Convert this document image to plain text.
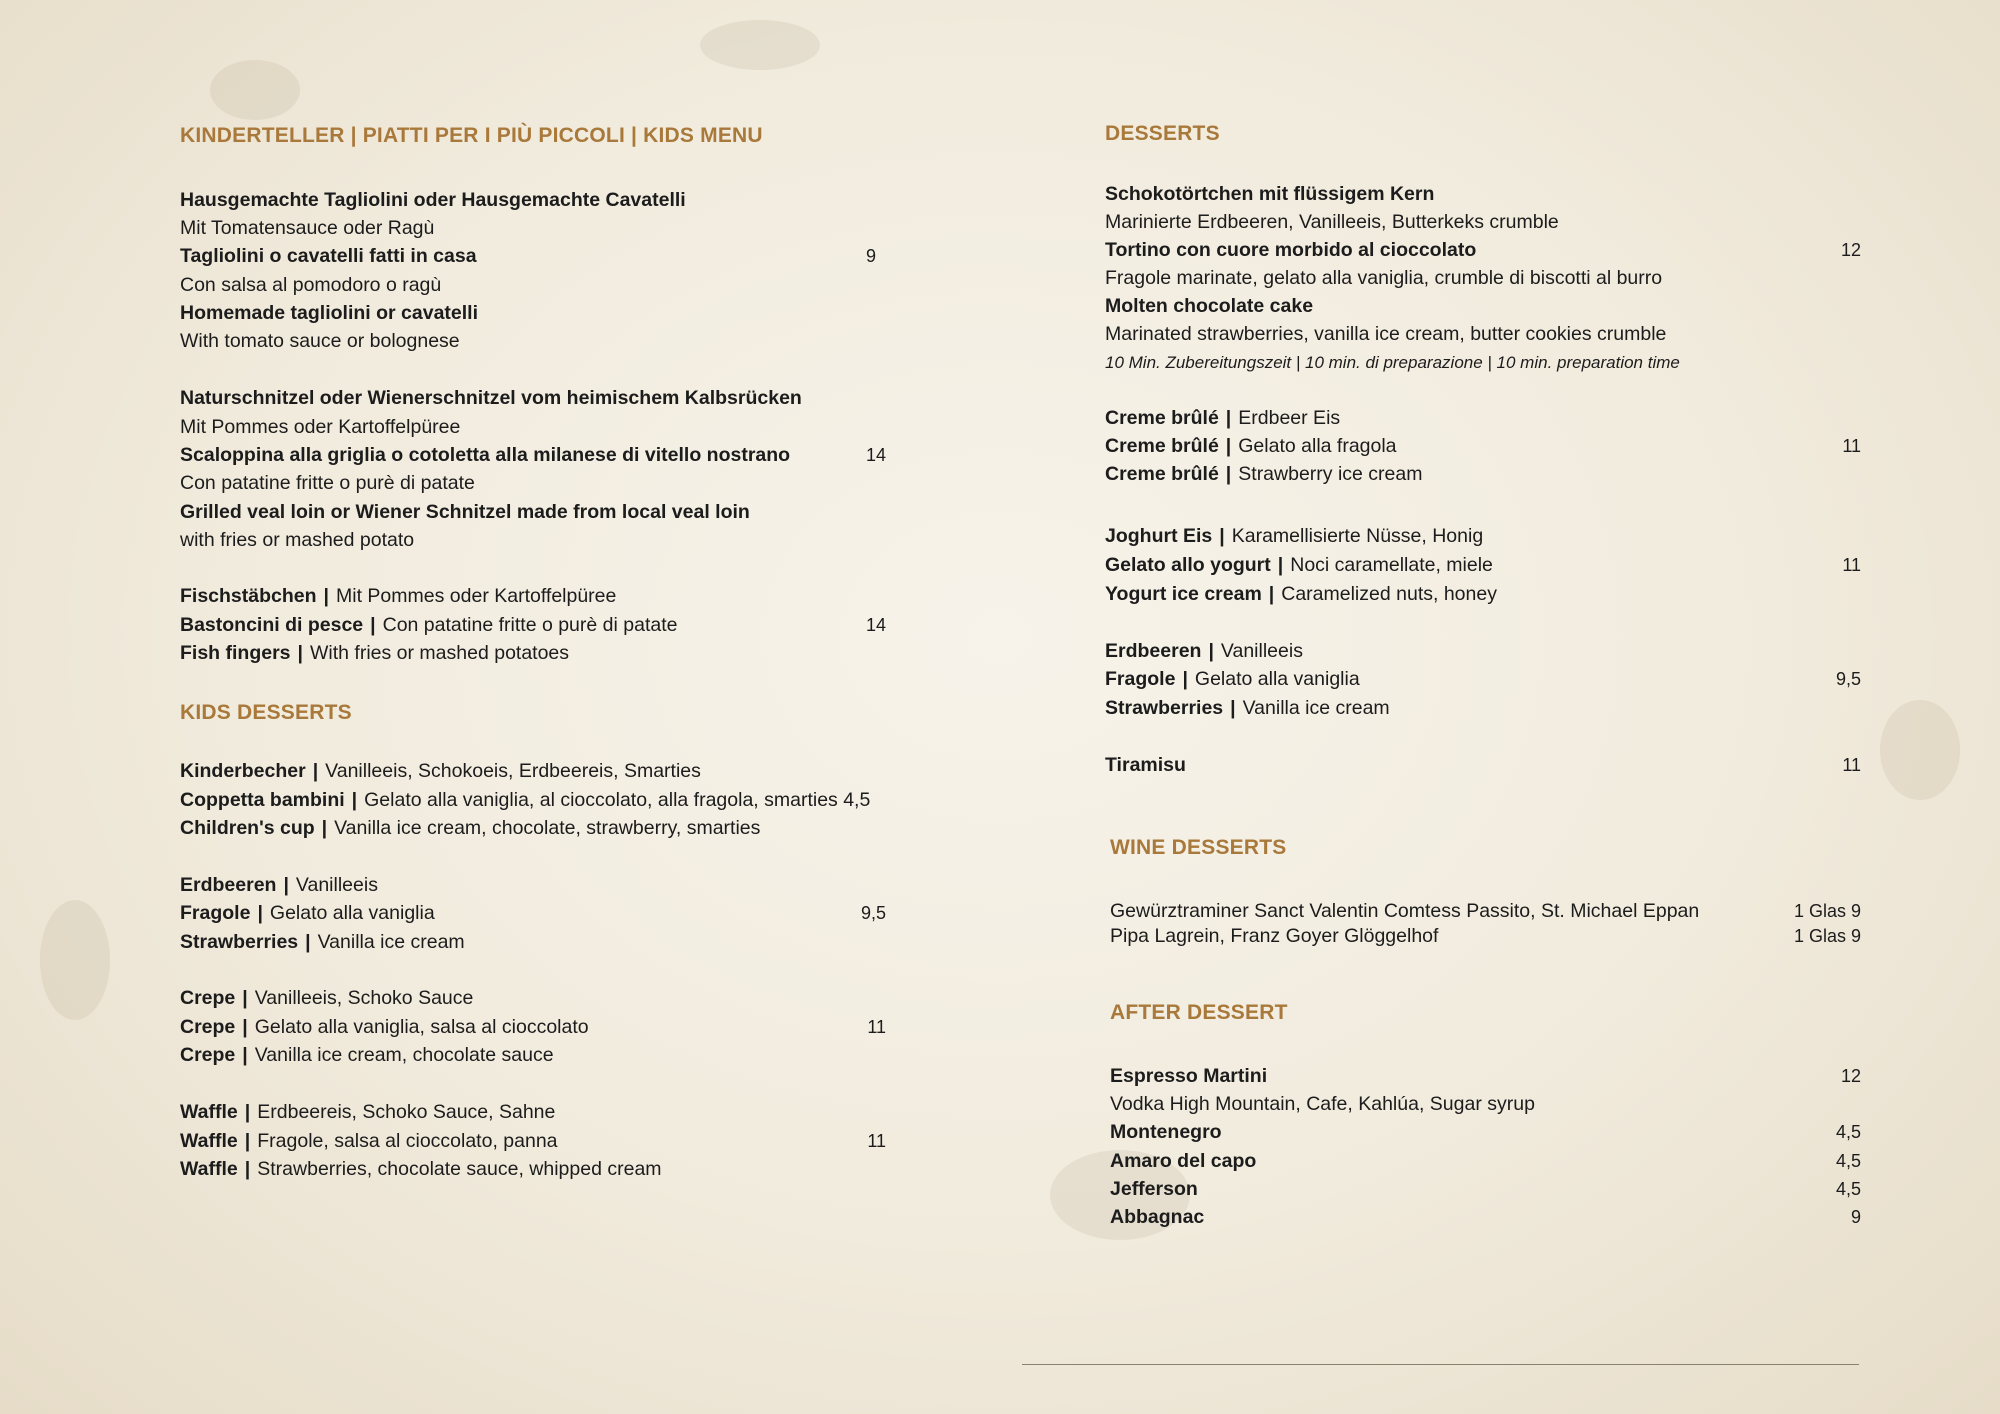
KINDERTELLER | PIATTI PER I PIÙ PICCOLI | KIDS MENU
Hausgemachte Tagliolini oder Hausgemachte Cavatelli
Mit Tomatensauce oder Ragù
Tagliolini o cavatelli fatti in casa	9
Con salsa al pomodoro o ragù
Homemade tagliolini or cavatelli
With tomato sauce or bolognese
Naturschnitzel oder Wienerschnitzel vom heimischem Kalbsrücken
Mit Pommes oder Kartoffelpüree
Scaloppina alla griglia o cotoletta alla milanese di vitello nostrano	14
Con patatine fritte o purè di patate
Grilled veal loin or Wiener Schnitzel made from local veal loin
with fries or mashed potato
Fischstäbchen | Mit Pommes oder Kartoffelpüree
Bastoncini di pesce | Con patatine fritte o purè di patate	14
Fish fingers | With fries or mashed potatoes
KIDS DESSERTS
Kinderbecher | Vanilleeis, Schokoeis, Erdbeereis, Smarties
Coppetta bambini | Gelato alla vaniglia, al cioccolato, alla fragola, smarties 4,5
Children's cup | Vanilla ice cream, chocolate, strawberry, smarties
Erdbeeren | Vanilleeis
Fragole | Gelato alla vaniglia	9,5
Strawberries | Vanilla ice cream
Crepe | Vanilleeis, Schoko Sauce
Crepe | Gelato alla vaniglia, salsa al cioccolato	11
Crepe | Vanilla ice cream, chocolate sauce
Waffle | Erdbeereis, Schoko Sauce, Sahne
Waffle | Fragole, salsa al cioccolato, panna	11
Waffle | Strawberries, chocolate sauce, whipped cream
DESSERTS
Schokotörtchen mit flüssigem Kern
Marinierte Erdbeeren, Vanilleeis, Butterkeks crumble
Tortino con cuore morbido al cioccolato	12
Fragole marinate, gelato alla vaniglia, crumble di biscotti al burro
Molten chocolate cake
Marinated strawberries, vanilla ice cream, butter cookies crumble
10 Min. Zubereitungszeit | 10 min. di preparazione | 10 min. preparation time
Creme brûlé | Erdbeer Eis
Creme brûlé | Gelato alla fragola	11
Creme brûlé | Strawberry ice cream
Joghurt Eis | Karamellisierte Nüsse, Honig
Gelato allo yogurt | Noci caramellate, miele	11
Yogurt ice cream | Caramelized nuts, honey
Erdbeeren | Vanilleeis
Fragole | Gelato alla vaniglia	9,5
Strawberries | Vanilla ice cream
Tiramisu	11
WINE DESSERTS
Gewürztraminer Sanct Valentin Comtess Passito, St. Michael Eppan	1 Glas 9
Pipa Lagrein, Franz Goyer Glöggelhof	1 Glas 9
AFTER DESSERT
Espresso Martini	12
Vodka High Mountain, Cafe, Kahlúa, Sugar syrup
Montenegro	4,5
Amaro del capo	4,5
Jefferson	4,5
Abbagnac	9
